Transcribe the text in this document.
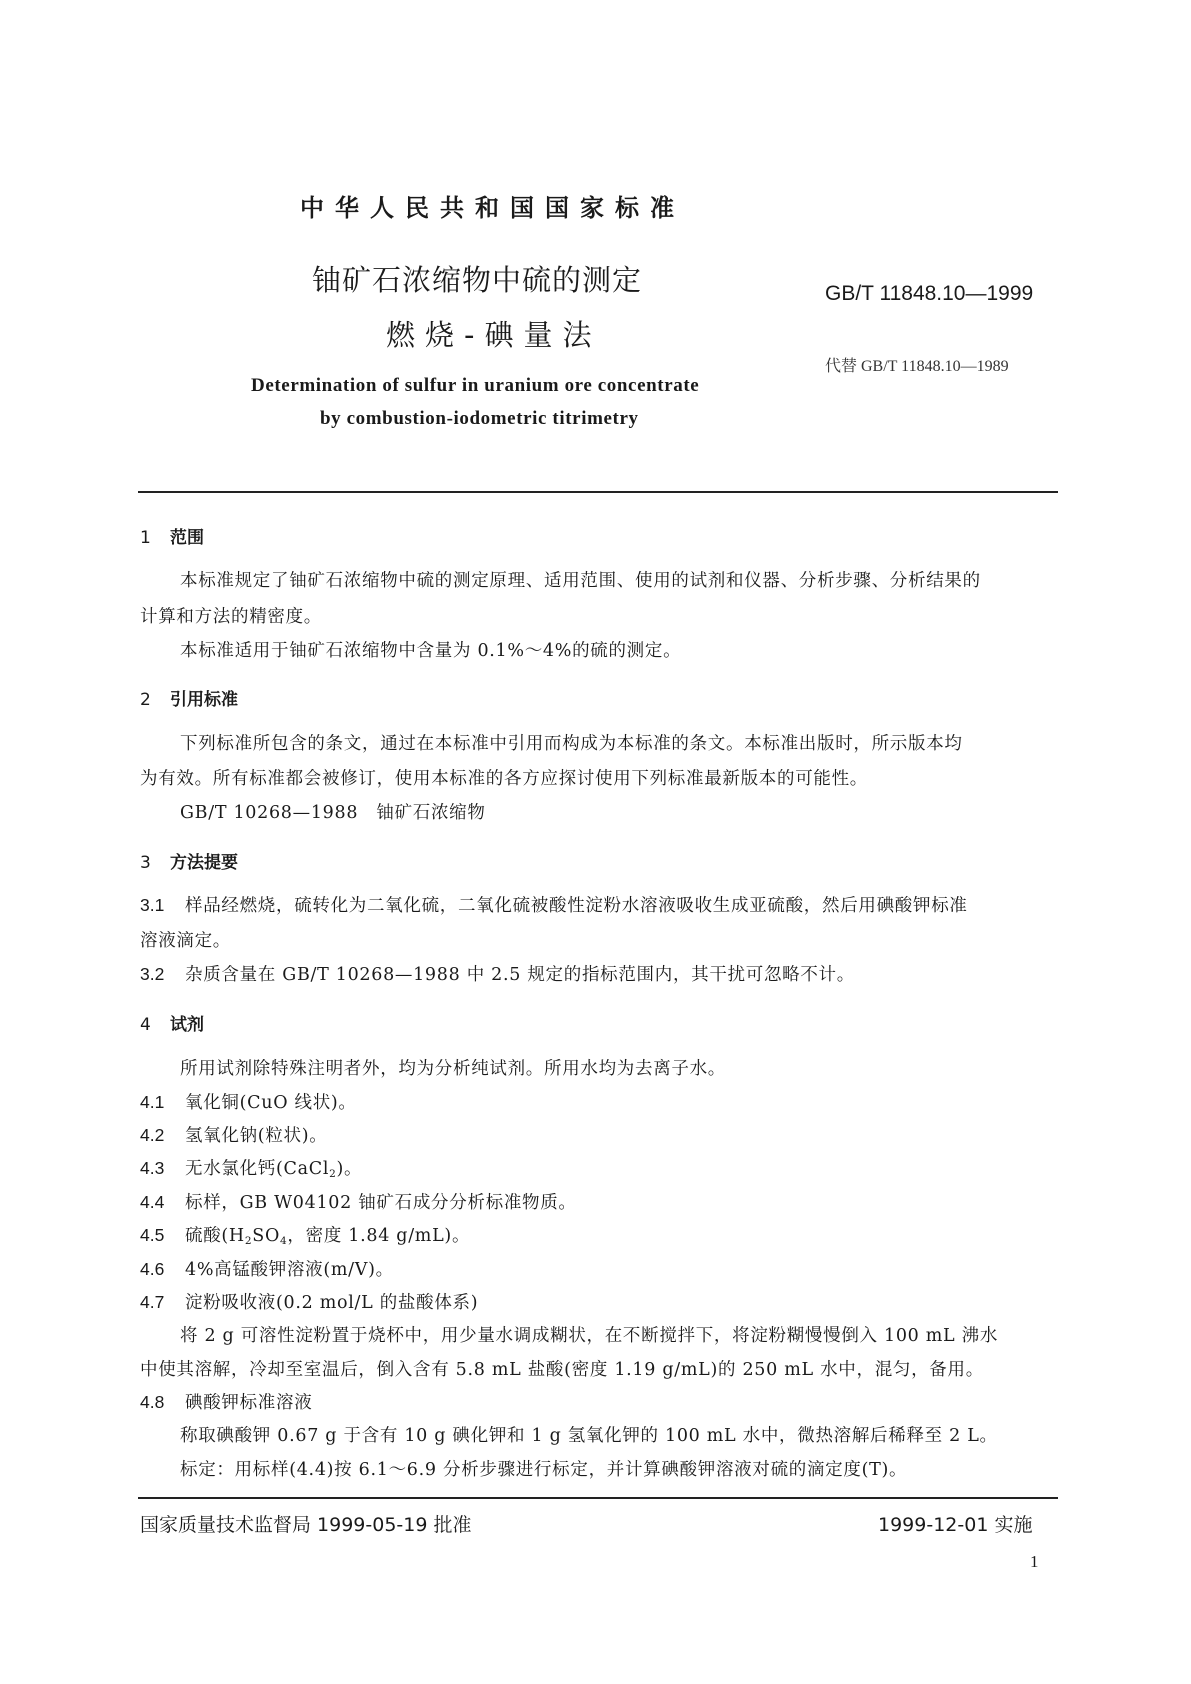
中华人民共和国国家标准
铀矿石浓缩物中硫的测定
燃烧-碘量法
GB/T 11848.10—1999
代替 GB/T 11848.10—1989
Determination of sulfur in uranium ore concentrate
by combustion-iodometric titrimetry
1 范围
本标准规定了铀矿石浓缩物中硫的测定原理、适用范围、使用的试剂和仪器、分析步骤、分析结果的
计算和方法的精密度。
本标准适用于铀矿石浓缩物中含量为 0.1%～4%的硫的测定。
2 引用标准
下列标准所包含的条文，通过在本标准中引用而构成为本标准的条文。本标准出版时，所示版本均
为有效。所有标准都会被修订，使用本标准的各方应探讨使用下列标准最新版本的可能性。
GB/T 10268—1988　铀矿石浓缩物
3 方法提要
3.1 样品经燃烧，硫转化为二氧化硫，二氧化硫被酸性淀粉水溶液吸收生成亚硫酸，然后用碘酸钾标准
溶液滴定。
3.2 杂质含量在 GB/T 10268—1988 中 2.5 规定的指标范围内，其干扰可忽略不计。
4 试剂
所用试剂除特殊注明者外，均为分析纯试剂。所用水均为去离子水。
4.1 氧化铜(CuO 线状)。
4.2 氢氧化钠(粒状)。
4.3 无水氯化钙(CaCl$_2$)。
4.4 标样，GB W04102 铀矿石成分分析标准物质。
4.5 硫酸($H_2SO_4$，密度 1.84 g/mL)。
4.6 4%高锰酸钾溶液(m/V)。
4.7 淀粉吸收液(0.2 mol/L 的盐酸体系)
将 2 g 可溶性淀粉置于烧杯中，用少量水调成糊状，在不断搅拌下，将淀粉糊慢慢倒入 100 mL 沸水
中使其溶解，冷却至室温后，倒入含有 5.8 mL 盐酸(密度 1.19 g/mL)的 250 mL 水中，混匀，备用。
4.8 碘酸钾标准溶液
称取碘酸钾 0.67 g 于含有 10 g 碘化钾和 1 g 氢氧化钾的 100 mL 水中，微热溶解后稀释至 2 L。
标定：用标样(4.4)按 6.1～6.9 分析步骤进行标定，并计算碘酸钾溶液对硫的滴定度(T)。
国家质量技术监督局 1999-05-19 批准	1999-12-01 实施
1
